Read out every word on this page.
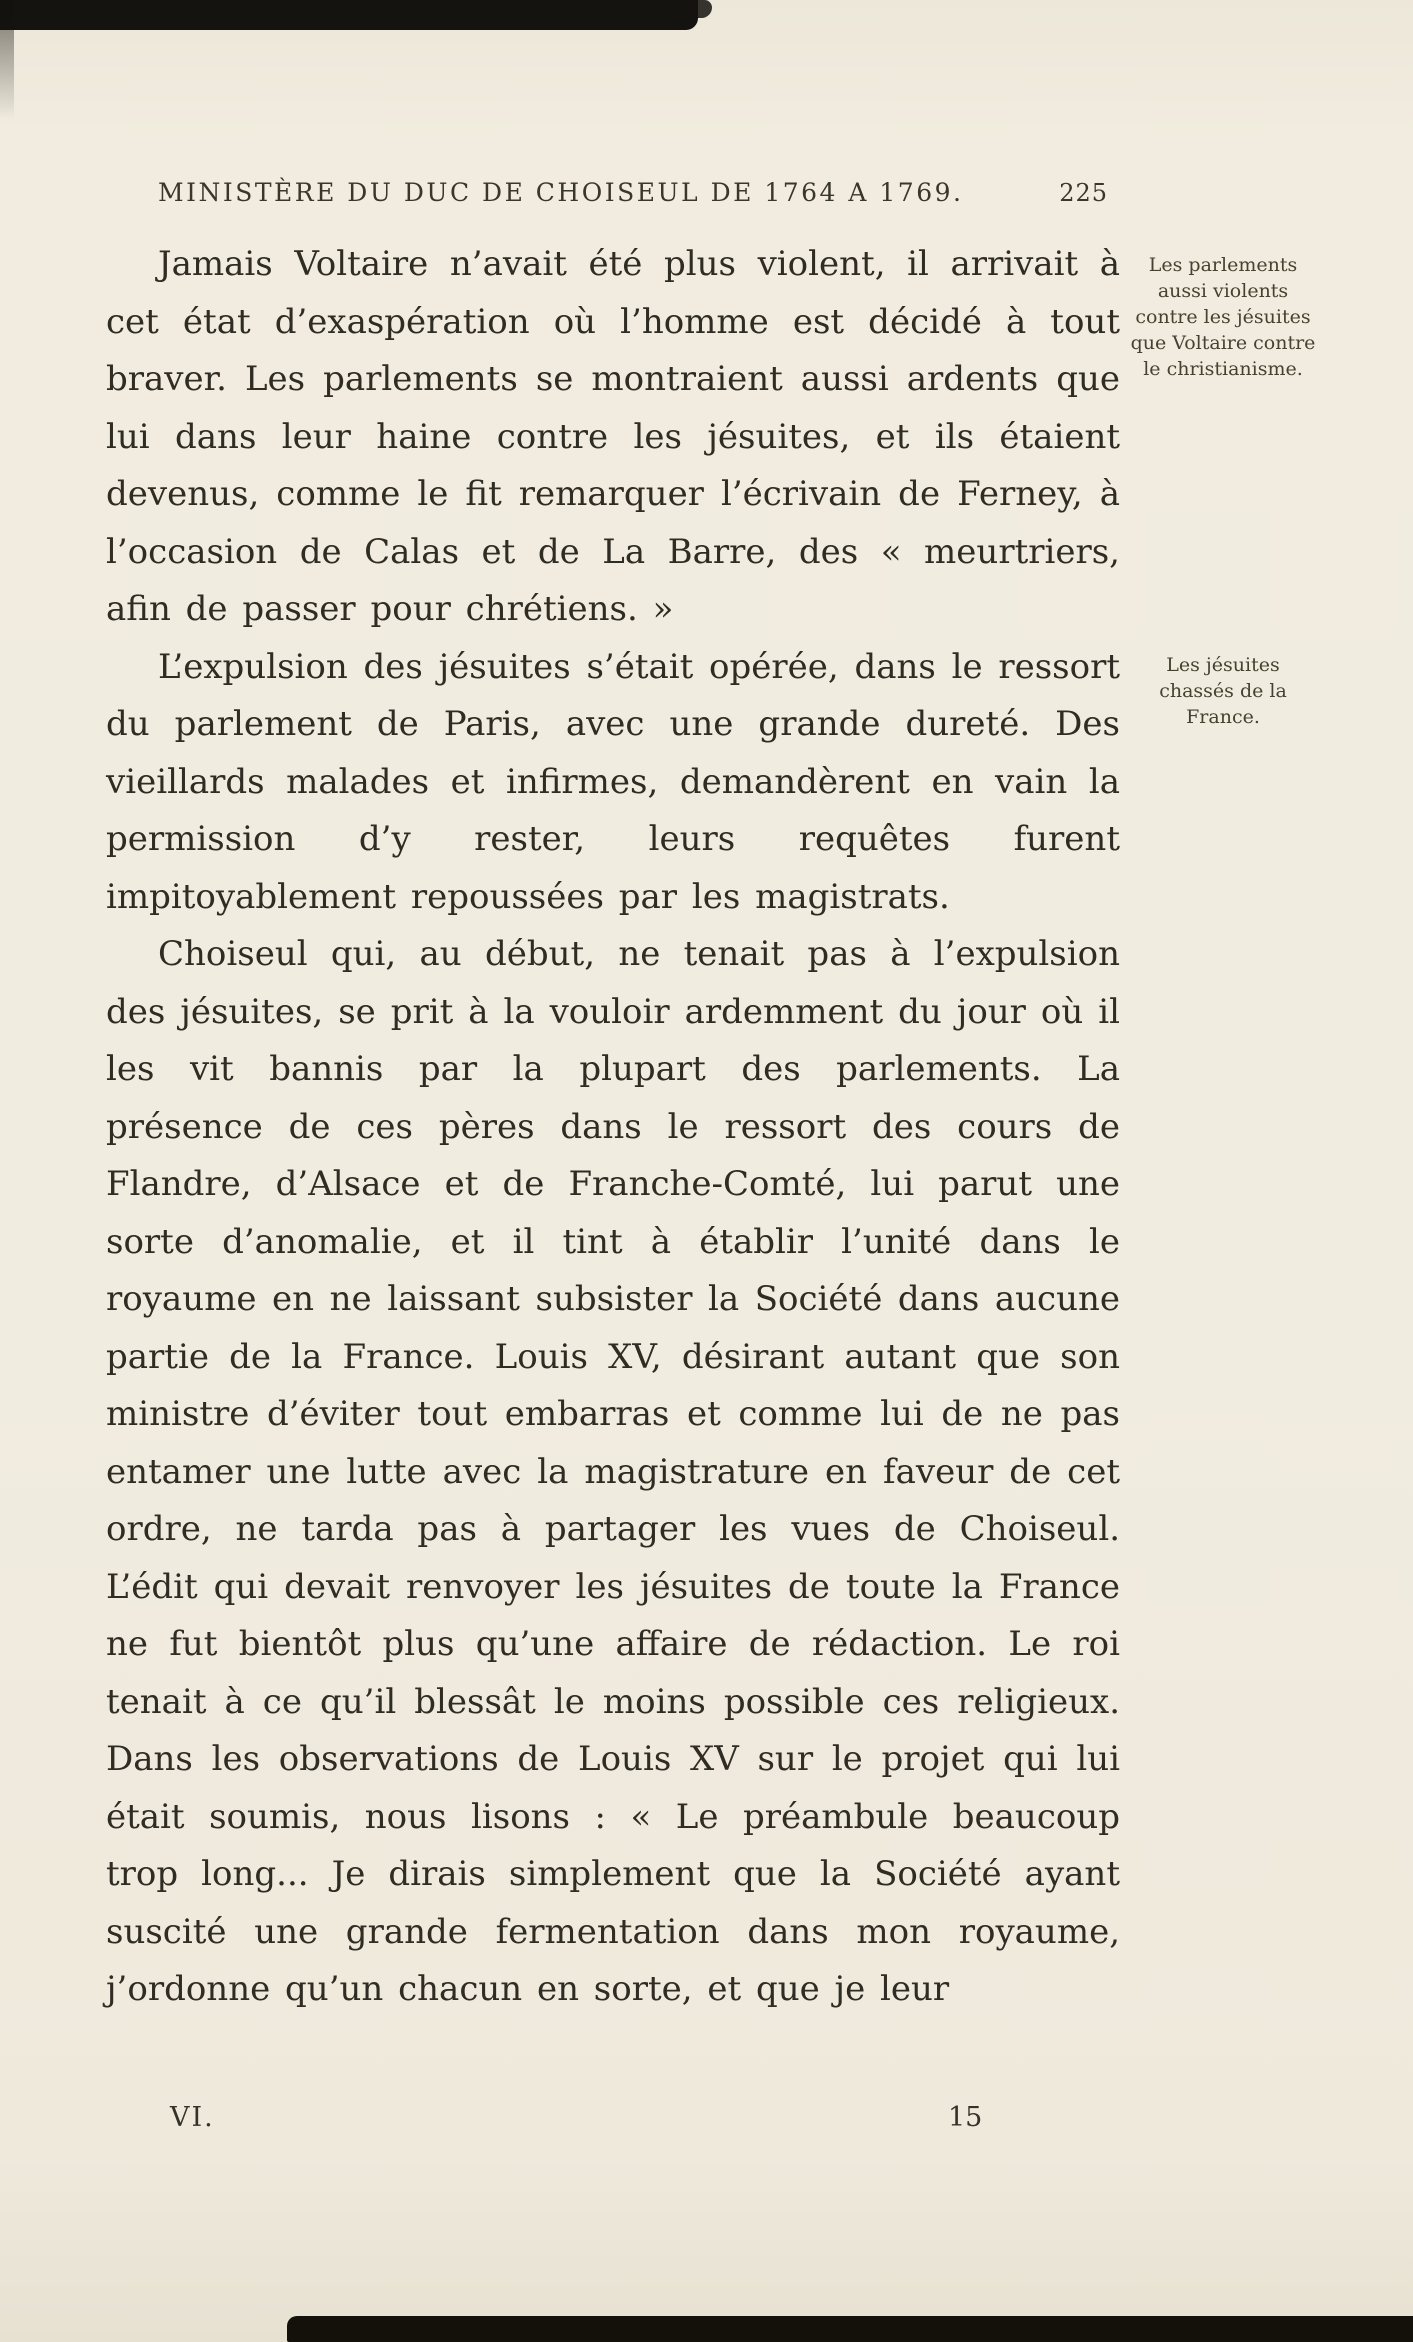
MINISTÈRE DU DUC DE CHOISEUL DE 1764 A 1769.	225

Jamais Voltaire n’avait été plus violent, il arrivait à cet état d’exaspération où l’homme est décidé à tout braver. Les parlements se montraient aussi ardents que lui dans leur haine contre les jésuites, et ils étaient devenus, comme le fit remarquer l’écrivain de Ferney, à l’occasion de Calas et de La Barre, des « meurtriers, afin de passer pour chrétiens. »

L’expulsion des jésuites s’était opérée, dans le ressort du parlement de Paris, avec une grande dureté. Des vieillards malades et infirmes, demandèrent en vain la permission d’y rester, leurs requêtes furent impitoyablement repoussées par les magistrats.

Choiseul qui, au début, ne tenait pas à l’expulsion des jésuites, se prit à la vouloir ardemment du jour où il les vit bannis par la plupart des parlements. La présence de ces pères dans le ressort des cours de Flandre, d’Alsace et de Franche-Comté, lui parut une sorte d’anomalie, et il tint à établir l’unité dans le royaume en ne laissant subsister la Société dans aucune partie de la France. Louis XV, désirant autant que son ministre d’éviter tout embarras et comme lui de ne pas entamer une lutte avec la magistrature en faveur de cet ordre, ne tarda pas à partager les vues de Choiseul. L’édit qui devait renvoyer les jésuites de toute la France ne fut bientôt plus qu’une affaire de rédaction. Le roi tenait à ce qu’il blessât le moins possible ces religieux. Dans les observations de Louis XV sur le projet qui lui était soumis, nous lisons : « Le préambule beaucoup trop long... Je dirais simplement que la Société ayant suscité une grande fermentation dans mon royaume, j’ordonne qu’un chacun en sorte, et que je leur

Les parlements aussi violents contre les jésuites que Voltaire contre le christianisme.
Les jésuites chassés de la France.
VI.	15
